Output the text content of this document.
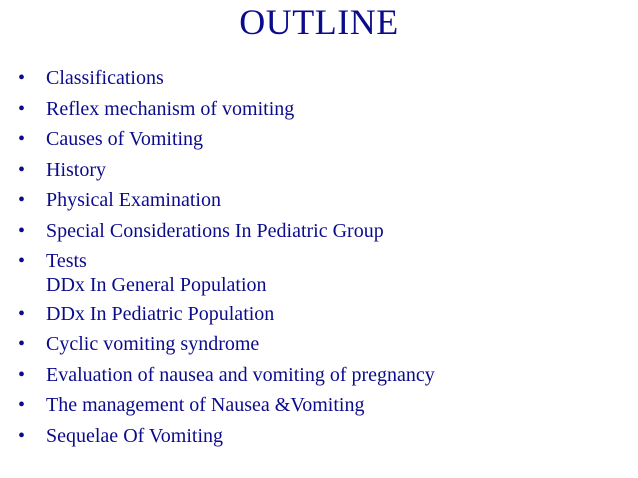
OUTLINE
• Classifications
• Reflex mechanism of vomiting
• Causes of Vomiting
• History
• Physical Examination
• Special Considerations In Pediatric Group
• Tests
DDx In General Population
• DDx In Pediatric Population
• Cyclic vomiting syndrome
• Evaluation of nausea and vomiting of pregnancy
• The management of Nausea &Vomiting
• Sequelae Of Vomiting
